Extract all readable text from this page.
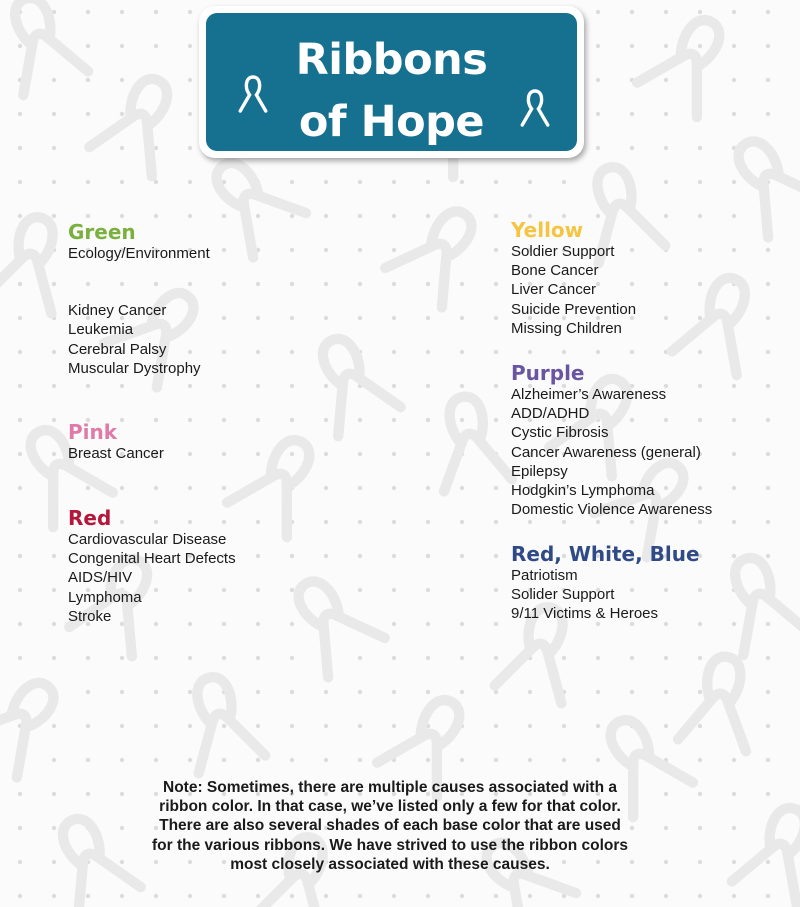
Ribbons
of Hope
Green
Ecology/Environment
Kidney Cancer
Leukemia
Cerebral Palsy
Muscular Dystrophy
Pink
Breast Cancer
Red
Cardiovascular Disease
Congenital Heart Defects
AIDS/HIV
Lymphoma
Stroke
Yellow
Soldier Support
Bone Cancer
Liver Cancer
Suicide Prevention
Missing Children
Purple
Alzheimer’s Awareness
ADD/ADHD
Cystic Fibrosis
Cancer Awareness (general)
Epilepsy
Hodgkin’s Lymphoma
Domestic Violence Awareness
Red, White, Blue
Patriotism
Solider Support
9/11 Victims & Heroes
Note: Sometimes, there are multiple causes associated with a
ribbon color. In that case, we’ve listed only a few for that color.
There are also several shades of each base color that are used
for the various ribbons. We have strived to use the ribbon colors
most closely associated with these causes.
